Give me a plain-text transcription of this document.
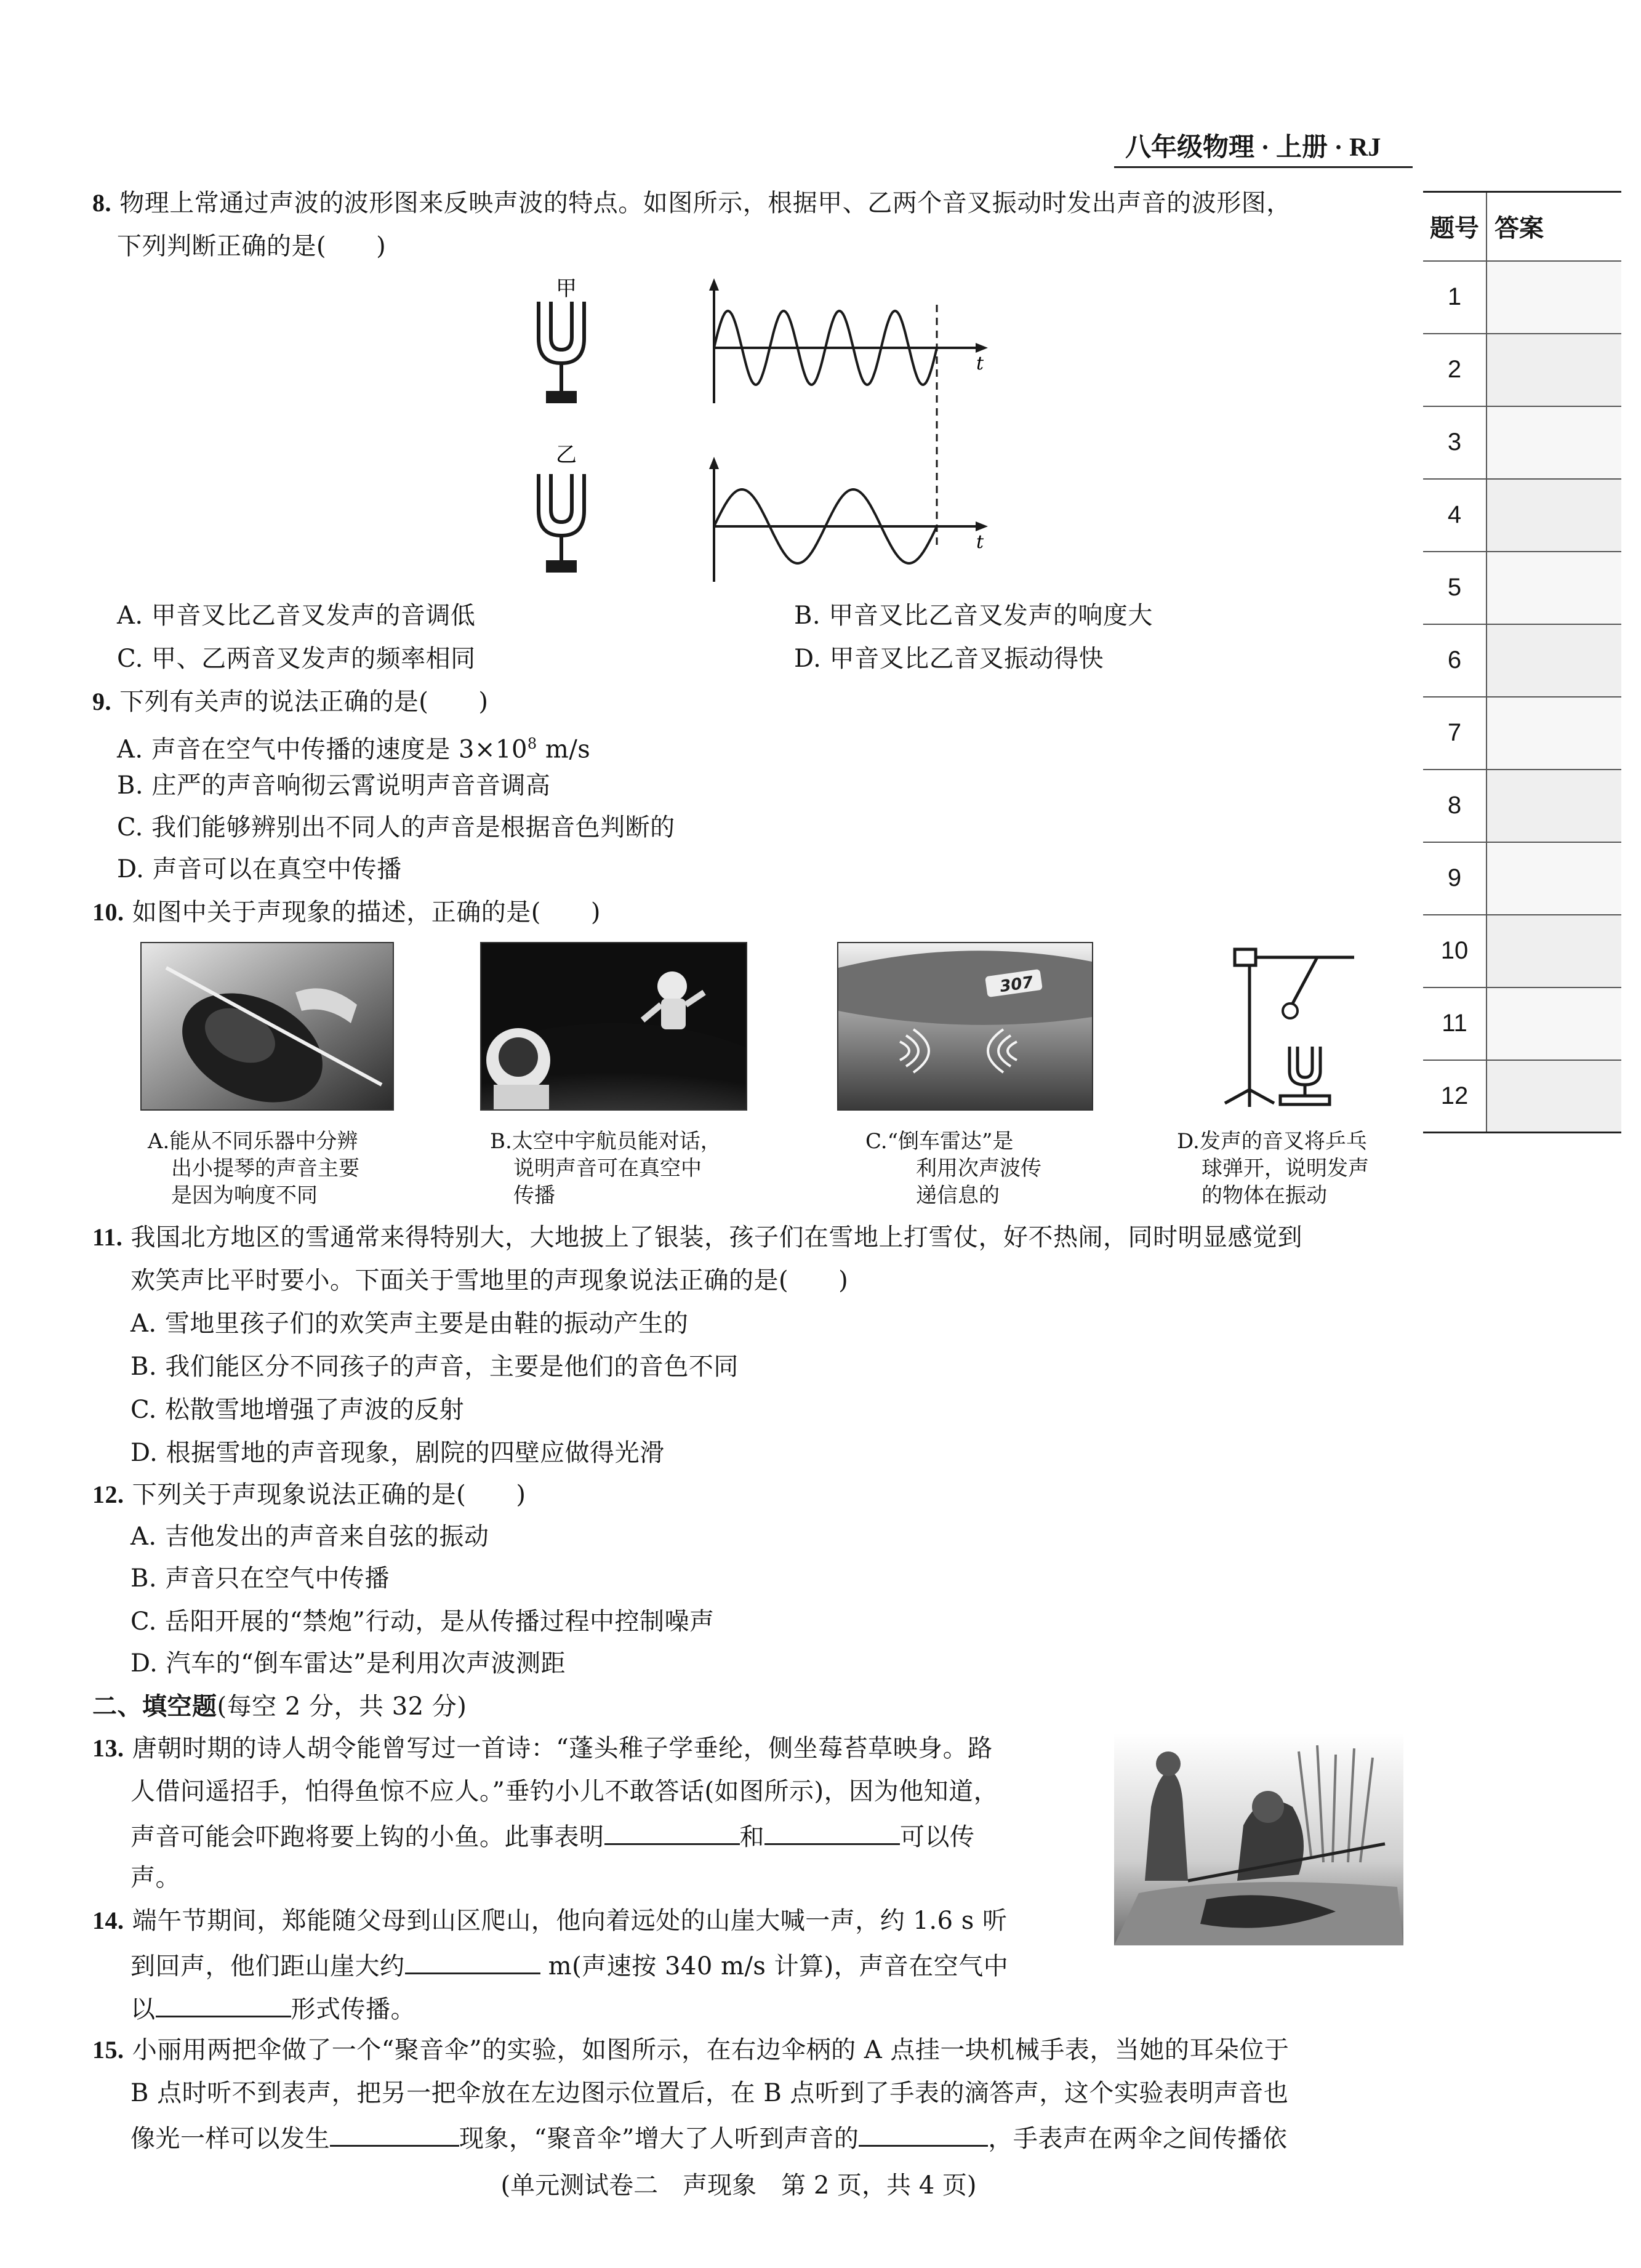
八年级物理 · 上册 · RJ
题号	答案
1	
2	
3	
4	
5	
6	
7	
8	
9	
10	
11	
12	
8. 物理上常通过声波的波形图来反映声波的特点。如图所示，根据甲、乙两个音叉振动时发出声音的波形图，
下列判断正确的是(　　)
甲
乙
t
t
A. 甲音叉比乙音叉发声的音调低	B. 甲音叉比乙音叉发声的响度大
C. 甲、乙两音叉发声的频率相同	D. 甲音叉比乙音叉振动得快
9. 下列有关声的说法正确的是(　　)
A. 声音在空气中传播的速度是 $3\times 10^8$ m/s
B. 庄严的声音响彻云霄说明声音音调高
C. 我们能够辨别出不同人的声音是根据音色判断的
D. 声音可以在真空中传播
10. 如图中关于声现象的描述，正确的是(　　)
307
A.能从不同乐器中分辨
出小提琴的声音主要
是因为响度不同
B.太空中宇航员能对话，
说明声音可在真空中
传播
C.“倒车雷达”是
利用次声波传
递信息的
D.发声的音叉将乒乓
球弹开，说明发声
的物体在振动
11. 我国北方地区的雪通常来得特别大，大地披上了银装，孩子们在雪地上打雪仗，好不热闹，同时明显感觉到
欢笑声比平时要小。下面关于雪地里的声现象说法正确的是(　　)
A. 雪地里孩子们的欢笑声主要是由鞋的振动产生的
B. 我们能区分不同孩子的声音，主要是他们的音色不同
C. 松散雪地增强了声波的反射
D. 根据雪地的声音现象，剧院的四壁应做得光滑
12. 下列关于声现象说法正确的是(　　)
A. 吉他发出的声音来自弦的振动
B. 声音只在空气中传播
C. 岳阳开展的“禁炮”行动，是从传播过程中控制噪声
D. 汽车的“倒车雷达”是利用次声波测距
二、填空题(每空 2 分，共 32 分)
13. 唐朝时期的诗人胡令能曾写过一首诗：“蓬头稚子学垂纶，侧坐莓苔草映身。路
人借问遥招手，怕得鱼惊不应人。”垂钓小儿不敢答话(如图所示)，因为他知道，
声音可能会吓跑将要上钩的小鱼。此事表明	和	可以传
声。
14. 端午节期间，郑能随父母到山区爬山，他向着远处的山崖大喊一声，约 1.6 s 听
到回声，他们距山崖大约	m(声速按 340 m/s 计算)，声音在空气中
以	形式传播。
15. 小丽用两把伞做了一个“聚音伞”的实验，如图所示，在右边伞柄的 A 点挂一块机械手表，当她的耳朵位于
B 点时听不到表声，把另一把伞放在左边图示位置后，在 B 点听到了手表的滴答声，这个实验表明声音也
像光一样可以发生	现象，“聚音伞”增大了人听到声音的	，手表声在两伞之间传播依
(单元测试卷二　声现象　第 2 页，共 4 页)
